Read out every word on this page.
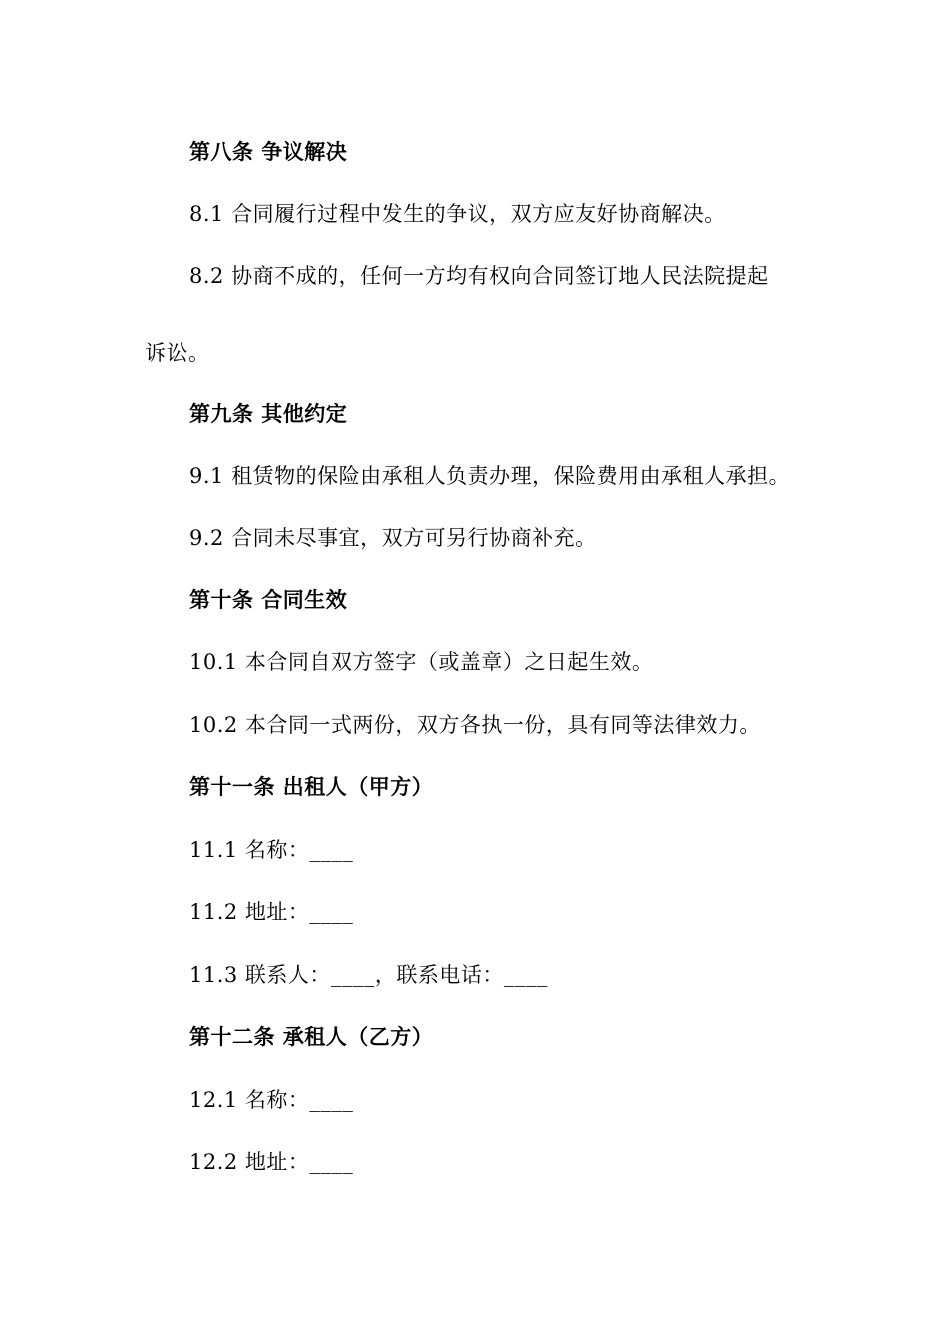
第八条 争议解决
8.1 合同履行过程中发生的争议，双方应友好协商解决。
8.2 协商不成的，任何一方均有权向合同签订地人民法院提起
诉讼。
第九条 其他约定
9.1 租赁物的保险由承租人负责办理，保险费用由承租人承担。
9.2 合同未尽事宜，双方可另行协商补充。
第十条 合同生效
10.1 本合同自双方签字（或盖章）之日起生效。
10.2 本合同一式两份，双方各执一份，具有同等法律效力。
第十一条 出租人（甲方）
11.1 名称：____
11.2 地址：____
11.3 联系人：____，联系电话：____
第十二条 承租人（乙方）
12.1 名称：____
12.2 地址：____
